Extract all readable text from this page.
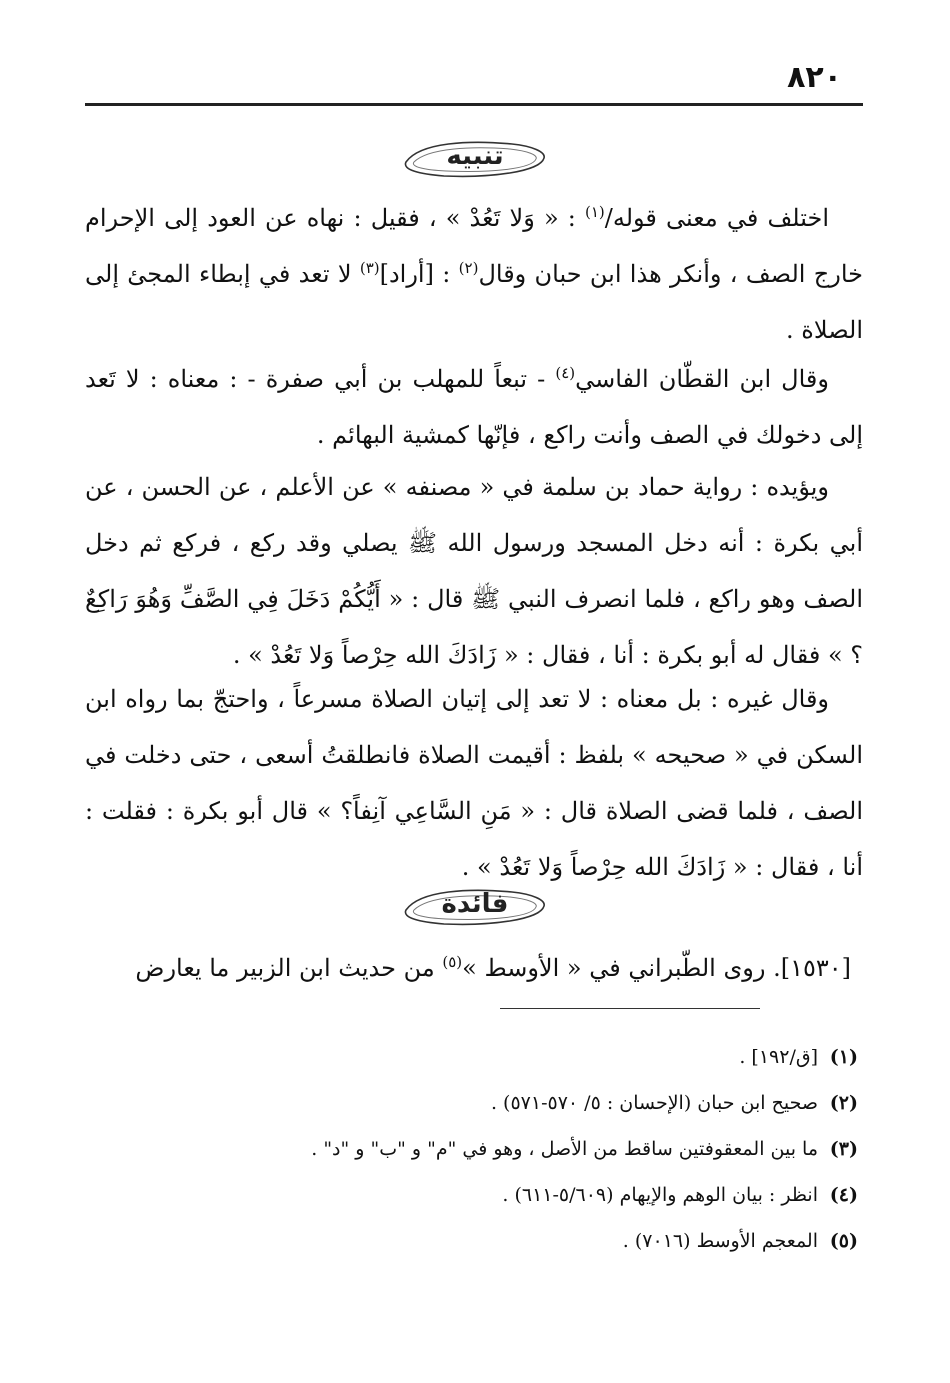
٨٢٠
تنبيه

اختلف في معنى قوله/$^{(١)}$ : « وَلا تَعُدْ » ، فقيل : نهاه عن العود إلى الإحرام خارج الصف ، وأنكر هذا ابن حبان وقال$^{(٢)}$ : [أراد]$^{(٣)}$ لا تعد في إبطاء المجئ إلى الصلاة .

وقال ابن القطّان الفاسي$^{(٤)}$ - تبعاً للمهلب بن أبي صفرة - : معناه : لا تَعد إلى دخولك في الصف وأنت راكع ، فإنّها كمشية البهائم .

ويؤيده : رواية حماد بن سلمة في « مصنفه » عن الأعلم ، عن الحسن ، عن أبي بكرة : أنه دخل المسجد ورسول الله ﷺ يصلي وقد ركع ، فركع ثم دخل الصف وهو راكع ، فلما انصرف النبي ﷺ قال : « أَيُّكُمْ دَخَلَ فِي الصَّفِّ وَهُوَ رَاكِعٌ ؟ » فقال له أبو بكرة : أنا ، فقال : « زَادَكَ الله حِرْصاً وَلا تَعُدْ » .

وقال غيره : بل معناه : لا تعد إلى إتيان الصلاة مسرعاً ، واحتجّ بما رواه ابن السكن في « صحيحه » بلفظ : أقيمت الصلاة فانطلقتُ أسعى ، حتى دخلت في الصف ، فلما قضى الصلاة قال : « مَنِ السَّاعِي آنِفاً؟ » قال أبو بكرة : فقلت : أنا ، فقال : « زَادَكَ الله حِرْصاً وَلا تَعُدْ » .

فائدة

[١٥٣٠]. روى الطّبراني في « الأوسط »$^{(٥)}$ من حديث ابن الزبير ما يعارض

(١)[ق/١٩٢] .
(٢)صحيح ابن حبان (الإحسان : ٥/ ٥٧٠-٥٧١) .
(٣)ما بين المعقوفتين ساقط من الأصل ، وهو في "م" و "ب" و "د" .
(٤)انظر : بيان الوهم والإيهام (٥/٦٠٩-٦١١) .
(٥)المعجم الأوسط (٧٠١٦) .
